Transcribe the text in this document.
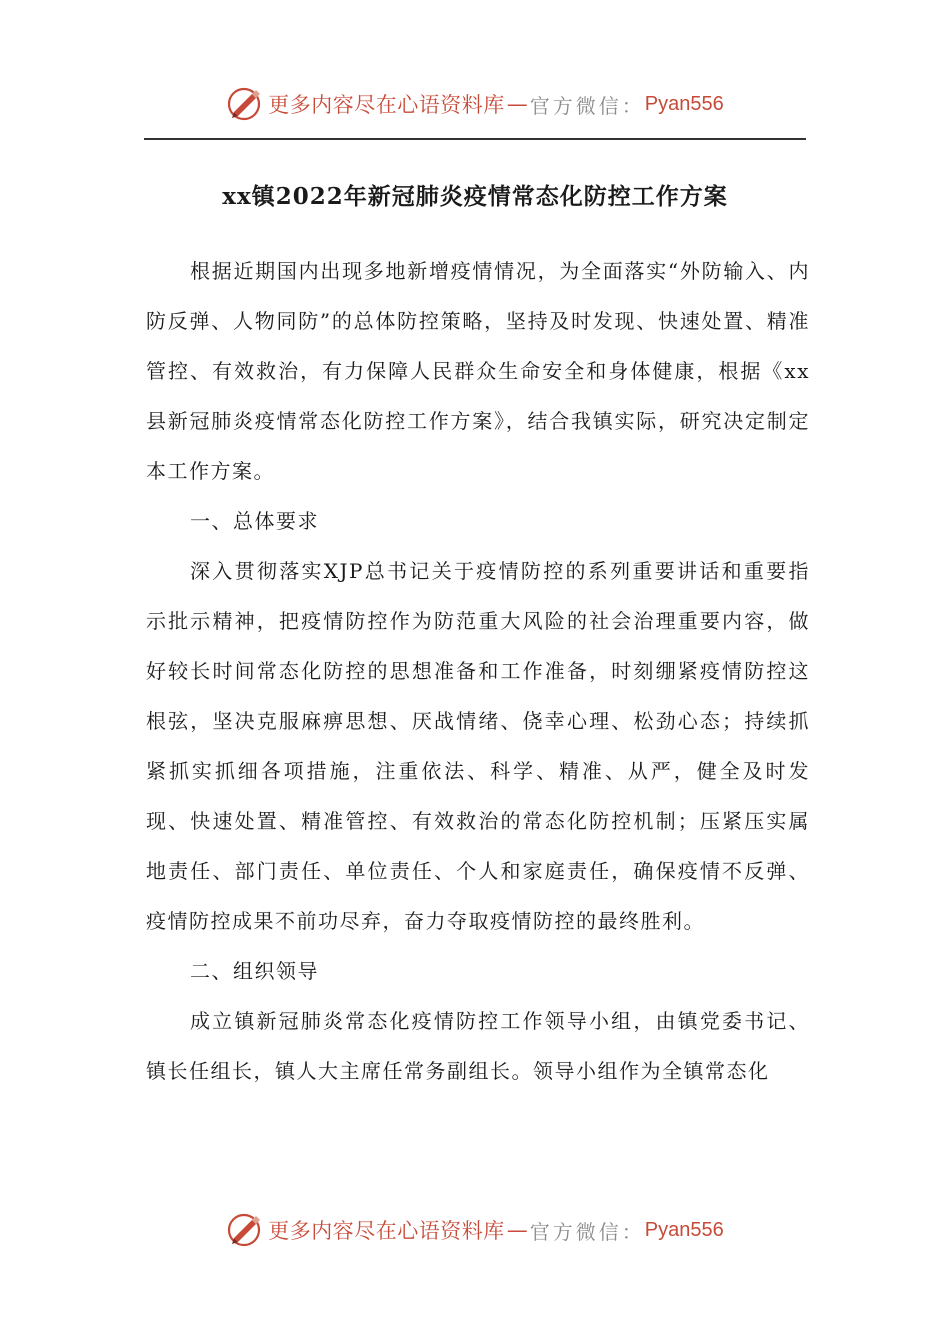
更多内容尽在心语资料库 — 官方微信： Pyan556
xx镇2022年新冠肺炎疫情常态化防控工作方案

根据近期国内出现多地新增疫情情况，为全面落实“外防输入、内防反弹、人物同防”的总体防控策略，坚持及时发现、快速处置、精准管控、有效救治，有力保障人民群众生命安全和身体健康，根据《xx县新冠肺炎疫情常态化防控工作方案》，结合我镇实际，研究决定制定本工作方案。

一、总体要求

深入贯彻落实XJP总书记关于疫情防控的系列重要讲话和重要指示批示精神，把疫情防控作为防范重大风险的社会治理重要内容，做好较长时间常态化防控的思想准备和工作准备，时刻绷紧疫情防控这根弦，坚决克服麻痹思想、厌战情绪、侥幸心理、松劲心态；持续抓紧抓实抓细各项措施，注重依法、科学、精准、从严，健全及时发现、快速处置、精准管控、有效救治的常态化防控机制；压紧压实属地责任、部门责任、单位责任、个人和家庭责任，确保疫情不反弹、疫情防控成果不前功尽弃，奋力夺取疫情防控的最终胜利。

二、组织领导

成立镇新冠肺炎常态化疫情防控工作领导小组，由镇党委书记、镇长任组长，镇人大主席任常务副组长。领导小组作为全镇常态化

更多内容尽在心语资料库 — 官方微信： Pyan556
